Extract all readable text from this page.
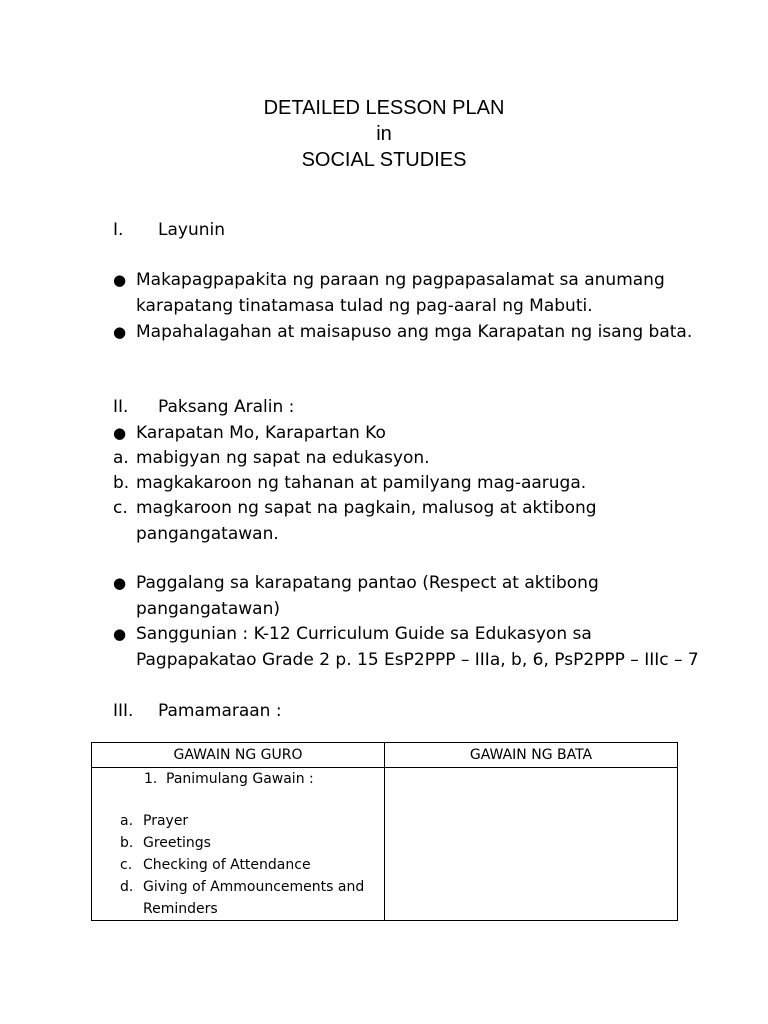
DETAILED LESSON PLAN
in
SOCIAL STUDIES
I. Layunin
● Makapagpapakita ng paraan ng pagpapasalamat sa anumang
karapatang tinatamasa tulad ng pag-aaral ng Mabuti.
● Mapahalagahan at maisapuso ang mga Karapatan ng isang bata.
II. Paksang Aralin :
● Karapatan Mo, Karapartan Ko
a. mabigyan ng sapat na edukasyon.
b. magkakaroon ng tahanan at pamilyang mag-aaruga.
c. magkaroon ng sapat na pagkain, malusog at aktibong
pangangatawan.
● Paggalang sa karapatang pantao (Respect at aktibong
pangangatawan)
● Sanggunian : K-12 Curriculum Guide sa Edukasyon sa
Pagpapakatao Grade 2 p. 15 EsP2PPP – IIIa, b, 6, PsP2PPP – IIIc – 7
III. Pamamaraan :
GAWAIN NG GURO	GAWAIN NG BATA
1. Panimulang Gawain :
a. Prayer
b. Greetings
c. Checking of Attendance
d. Giving of Ammouncements and
Reminders
